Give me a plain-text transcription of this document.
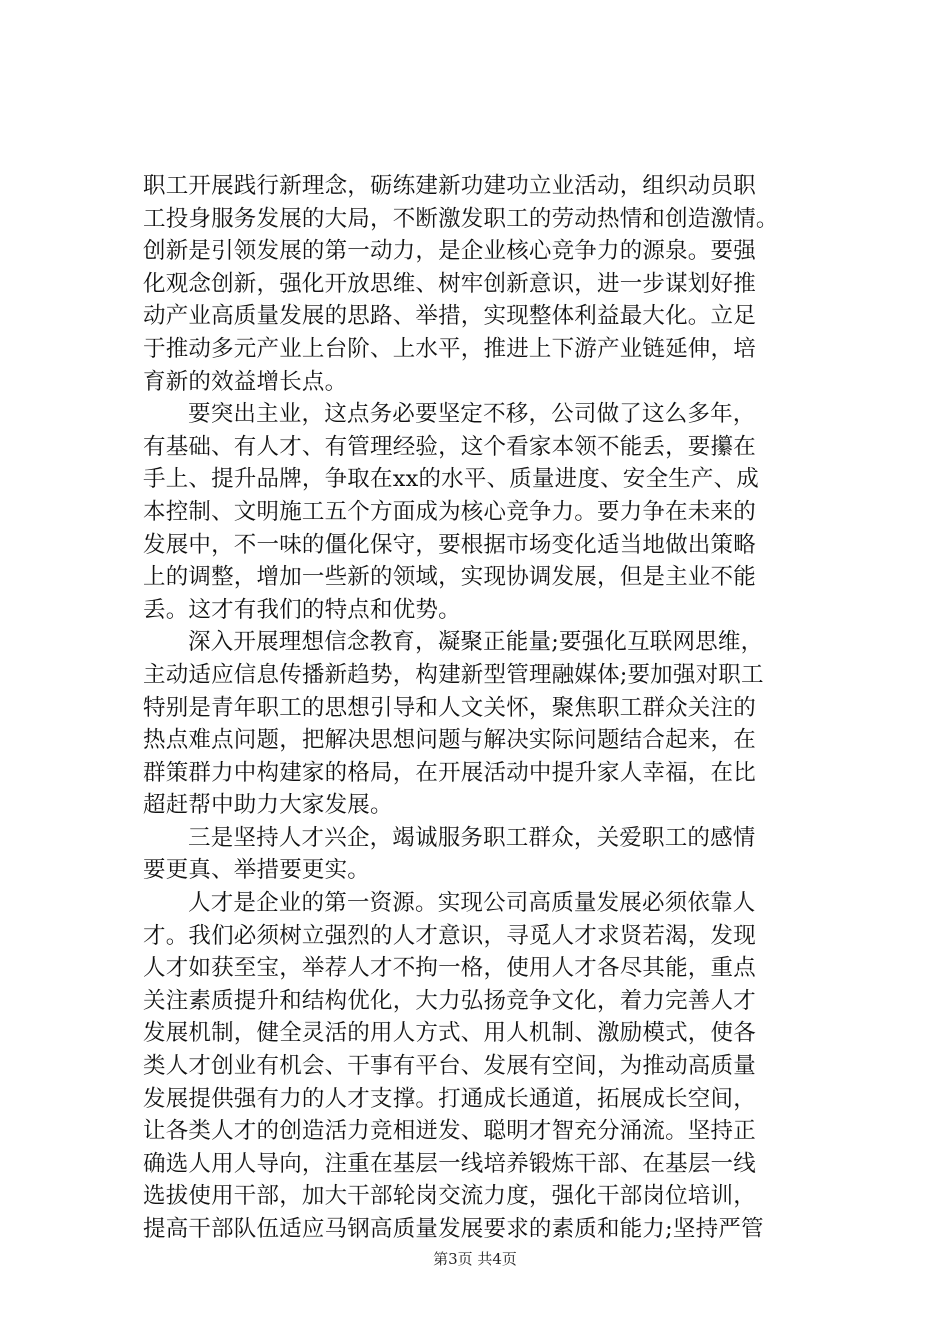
职工开展践行新理念，砺练建新功建功立业活动，组织动员职
工投身服务发展的大局，不断激发职工的劳动热情和创造激情。
创新是引领发展的第一动力，是企业核心竞争力的源泉。要强
化观念创新，强化开放思维、树牢创新意识，进一步谋划好推
动产业高质量发展的思路、举措，实现整体利益最大化。立足
于推动多元产业上台阶、上水平，推进上下游产业链延伸，培
育新的效益增长点。
要突出主业，这点务必要坚定不移，公司做了这么多年，
有基础、有人才、有管理经验，这个看家本领不能丢，要攥在
手上、提升品牌，争取在xx的水平、质量进度、安全生产、成
本控制、文明施工五个方面成为核心竞争力。要力争在未来的
发展中，不一味的僵化保守，要根据市场变化适当地做出策略
上的调整，增加一些新的领域，实现协调发展，但是主业不能
丢。这才有我们的特点和优势。
深入开展理想信念教育，凝聚正能量;要强化互联网思维，
主动适应信息传播新趋势，构建新型管理融媒体;要加强对职工
特别是青年职工的思想引导和人文关怀，聚焦职工群众关注的
热点难点问题，把解决思想问题与解决实际问题结合起来，在
群策群力中构建家的格局，在开展活动中提升家人幸福，在比
超赶帮中助力大家发展。
三是坚持人才兴企，竭诚服务职工群众，关爱职工的感情
要更真、举措要更实。
人才是企业的第一资源。实现公司高质量发展必须依靠人
才。我们必须树立强烈的人才意识，寻觅人才求贤若渴，发现
人才如获至宝，举荐人才不拘一格，使用人才各尽其能，重点
关注素质提升和结构优化，大力弘扬竞争文化，着力完善人才
发展机制，健全灵活的用人方式、用人机制、激励模式，使各
类人才创业有机会、干事有平台、发展有空间，为推动高质量
发展提供强有力的人才支撑。打通成长通道，拓展成长空间，
让各类人才的创造活力竞相迸发、聪明才智充分涌流。坚持正
确选人用人导向，注重在基层一线培养锻炼干部、在基层一线
选拔使用干部，加大干部轮岗交流力度，强化干部岗位培训，
提高干部队伍适应马钢高质量发展要求的素质和能力;坚持严管
第3页 共4页
